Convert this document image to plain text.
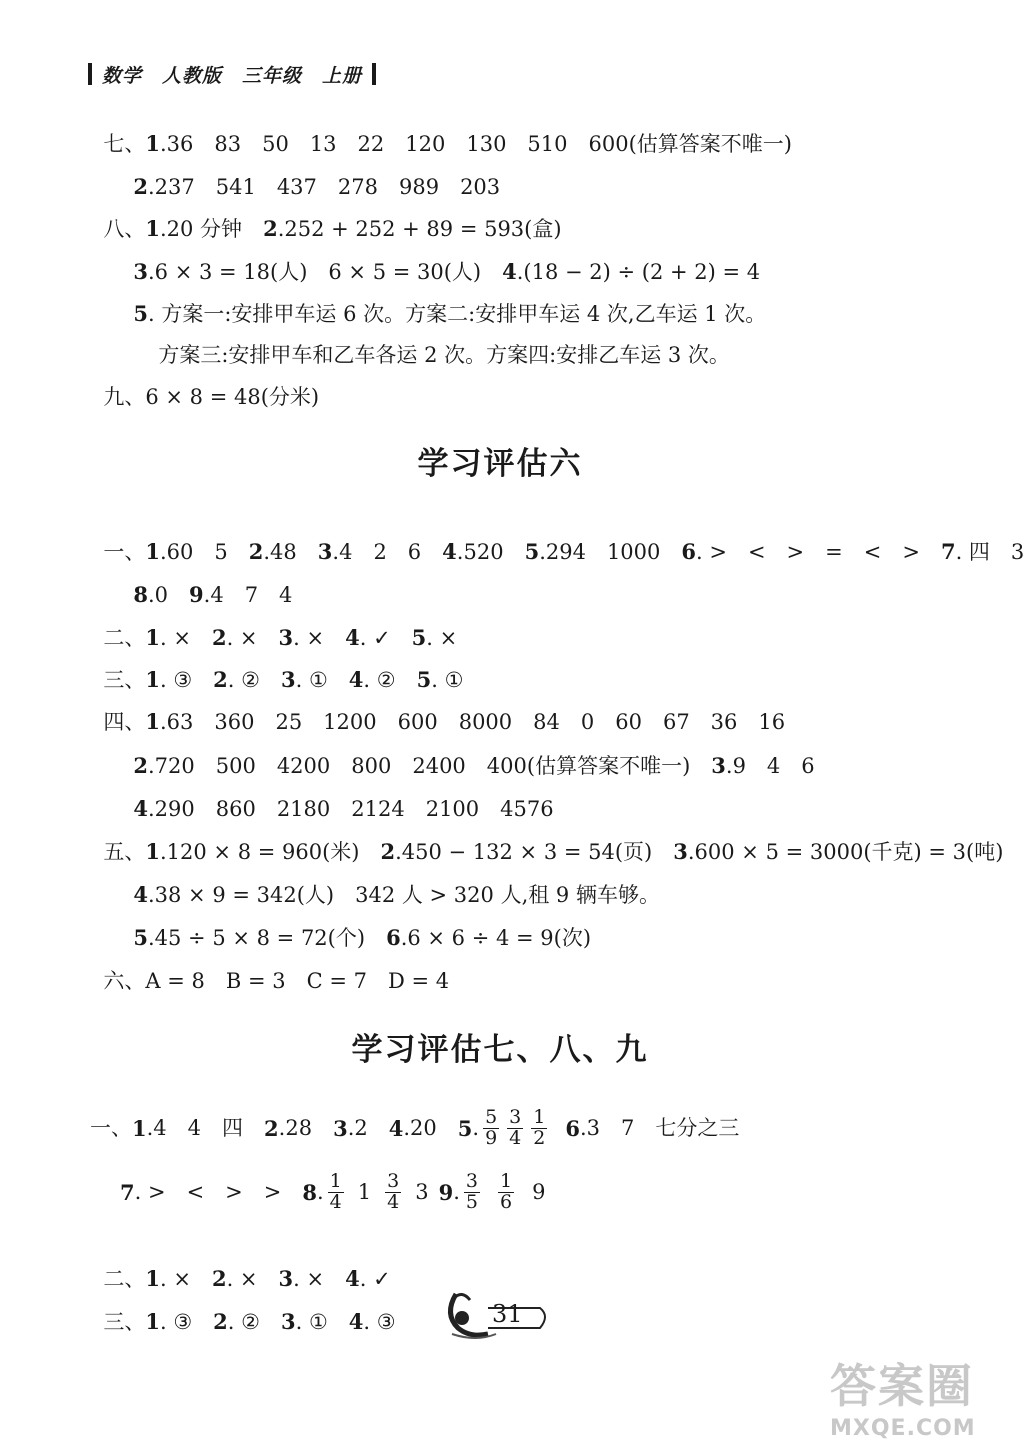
数学　人教版　三年级　上册

七、1.36　83　50　13　22　120　130　510　600(估算答案不唯一)

2.237　541　437　278　989　203

八、1.20 分钟　2.252 + 252 + 89 = 593(盒)

3.6 × 3 = 18(人)　6 × 5 = 30(人)　4.(18 − 2) ÷ (2 + 2) = 4

5. 方案一:安排甲车运 6 次。方案二:安排甲车运 4 次,乙车运 1 次。

方案三:安排甲车和乙车各运 2 次。方案四:安排乙车运 3 次。

九、6 × 8 = 48(分米)

学习评估六

一、1.60　5　2.48　3.4　2　6　4.520　5.294　1000　6. >　<　>　=　<　>　7. 四　3

8.0　9.4　7　4

二、1. ×　2. ×　3. ×　4. ✓　5. ×

三、1. ③　2. ②　3. ①　4. ②　5. ①

四、1.63　360　25　1200　600　8000　84　0　60　67　36　16

2.720　500　4200　800　2400　400(估算答案不唯一)　3.9　4　6

4.290　860　2180　2124　2100　4576

五、1.120 × 8 = 960(米)　2.450 − 132 × 3 = 54(页)　3.600 × 5 = 3000(千克) = 3(吨)

4.38 × 9 = 342(人)　342 人 > 320 人,租 9 辆车够。

5.45 ÷ 5 × 8 = 72(个)　6.6 × 6 ÷ 4 = 9(次)

六、A = 8　B = 3　C = 7　D = 4

学习评估七、八、九
一、 1 .4　4　四　 2 .28　 3 .2　 4 .20　 5 . $\frac{5}{9} \frac{3}{4} \frac{1}{2} 6$ .3　7　七分之三
7 . >　<　>　>　 8 . $\frac{1}{4} 1 \frac{3}{4} 3$ 9 . $\frac{3}{5} \frac{1}{6} 9$

二、1. ×　2. ×　3. ×　4. ✓

三、1. ③　2. ②　3. ①　4. ③	31
答案圈
MXQE.COM
